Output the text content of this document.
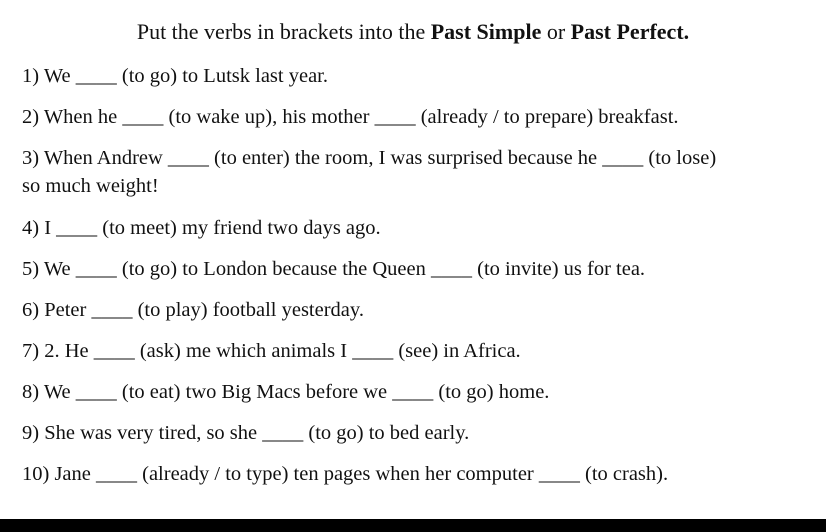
Put the verbs in brackets into the Past Simple or Past Perfect.
1) We ____ (to go) to Lutsk last year.
2) When he ____ (to wake up), his mother ____ (already / to prepare) breakfast.
3) When Andrew ____ (to enter) the room, I was surprised because he ____ (to lose)
so much weight!
4) I ____ (to meet) my friend two days ago.
5) We ____ (to go) to London because the Queen ____ (to invite) us for tea.
6) Peter ____ (to play) football yesterday.
7) 2. He ____ (ask) me which animals I ____ (see) in Africa.
8) We ____ (to eat) two Big Macs before we ____ (to go) home.
9) She was very tired, so she ____ (to go) to bed early.
10) Jane ____ (already / to type) ten pages when her computer ____ (to crash).
